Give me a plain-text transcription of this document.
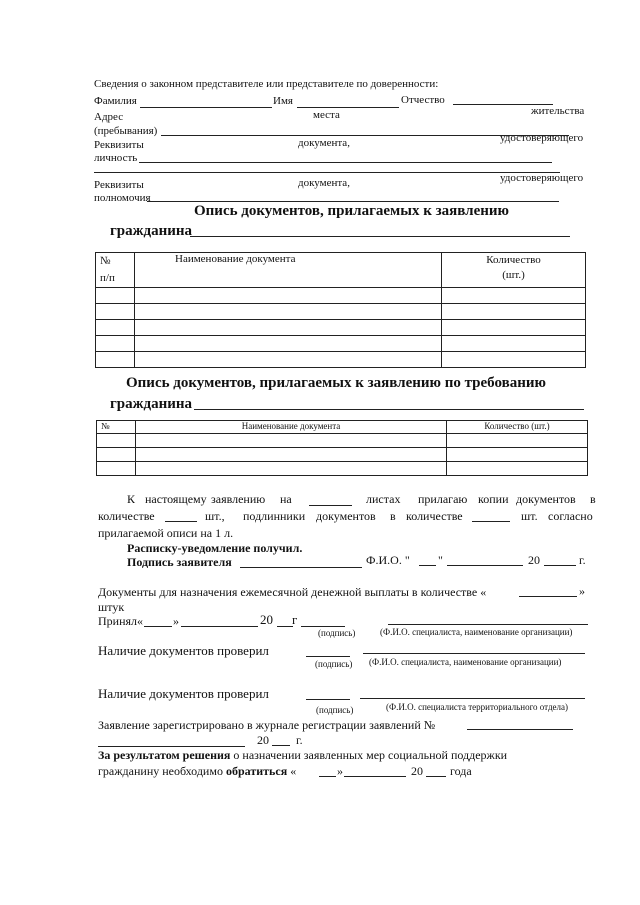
Сведения о законном представителе или представителе по доверенности:
Фамилия	Имя	Отчество
Адрес	места	жительства
(пребывания)
Реквизиты	документа,	удостоверяющего
личность
Реквизиты	документа,	удостоверяющего
полномочия
Опись документов, прилагаемых к заявлению
гражданина
№
п/п	Наименование документа	Количество
(шт.)

Опись документов, прилагаемых к заявлению по требованию
гражданина
№	Наименование документа	Количество (шт.)

К настоящему заявлению на	листах прилагаю копии документов в
количестве	шт., подлинники документов в количестве	шт. согласно
прилагаемой описи на 1 л.
Расписку-уведомление получил.
Подпись заявителя	Ф.И.О. " "	20	г.
Документы для назначения ежемесячной денежной выплаты в количестве «	»
штук
Принял« »	20 г
(подпись)	(Ф.И.О. специалиста, наименование организации)
Наличие документов проверил
(подпись) (Ф.И.О. специалиста, наименование организации)
Наличие документов проверил
(подпись)	(Ф.И.О. специалиста территориального отдела)
Заявление зарегистрировано в журнале регистрации заявлений №
20 г.
За результатом решения о назначении заявленных мер социальной поддержки
гражданину необходимо обратиться «	»	20 года
